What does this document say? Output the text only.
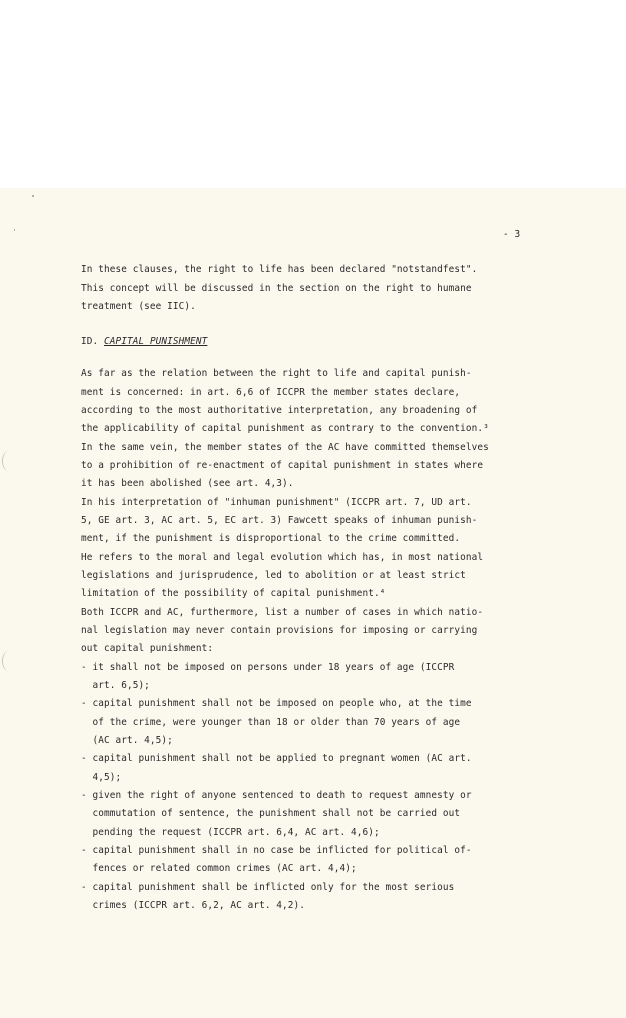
- 3
In these clauses, the right to life has been declared "notstandfest".
This concept will be discussed in the section on the right to humane
treatment (see IIC).
ID. CAPITAL PUNISHMENT
As far as the relation between the right to life and capital punish-
ment is concerned: in art. 6,6 of ICCPR the member states declare,
according to the most authoritative interpretation, any broadening of
the applicability of capital punishment as contrary to the convention.³
In the same vein, the member states of the AC have committed themselves
to a prohibition of re-enactment of capital punishment in states where
it has been abolished (see art. 4,3).
In his interpretation of "inhuman punishment" (ICCPR art. 7, UD art.
5, GE art. 3, AC art. 5, EC art. 3) Fawcett speaks of inhuman punish-
ment, if the punishment is disproportional to the crime committed.
He refers to the moral and legal evolution which has, in most national
legislations and jurisprudence, led to abolition or at least strict
limitation of the possibility of capital punishment.⁴
Both ICCPR and AC, furthermore, list a number of cases in which natio-
nal legislation may never contain provisions for imposing or carrying
out capital punishment:
- it shall not be imposed on persons under 18 years of age (ICCPR
art. 6,5);
- capital punishment shall not be imposed on people who, at the time
of the crime, were younger than 18 or older than 70 years of age
(AC art. 4,5);
- capital punishment shall not be applied to pregnant women (AC art.
4,5);
- given the right of anyone sentenced to death to request amnesty or
commutation of sentence, the punishment shall not be carried out
pending the request (ICCPR art. 6,4, AC art. 4,6);
- capital punishment shall in no case be inflicted for political of-
fences or related common crimes (AC art. 4,4);
- capital punishment shall be inflicted only for the most serious
crimes (ICCPR art. 6,2, AC art. 4,2).
